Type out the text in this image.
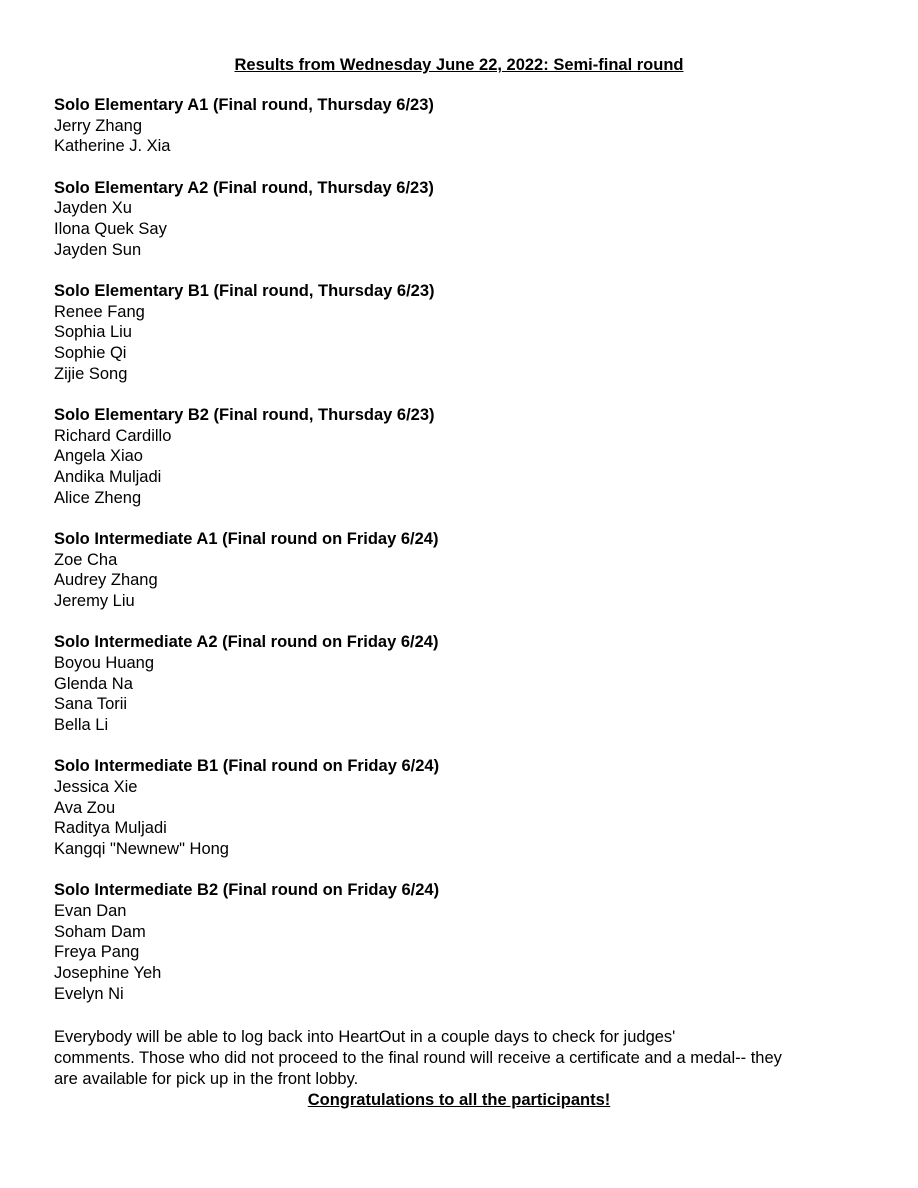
Results from Wednesday June 22, 2022: Semi-final round
Solo Elementary A1 (Final round, Thursday 6/23)
Jerry Zhang
Katherine J. Xia
Solo Elementary A2 (Final round, Thursday 6/23)
Jayden Xu
Ilona Quek Say
Jayden Sun
Solo Elementary B1 (Final round, Thursday 6/23)
Renee Fang
Sophia Liu
Sophie Qi
Zijie Song
Solo Elementary B2 (Final round, Thursday 6/23)
Richard Cardillo
Angela Xiao
Andika Muljadi
Alice Zheng
Solo Intermediate A1 (Final round on Friday 6/24)
Zoe Cha
Audrey Zhang
Jeremy Liu
Solo Intermediate A2 (Final round on Friday 6/24)
Boyou Huang
Glenda Na
Sana Torii
Bella Li
Solo Intermediate B1 (Final round on Friday 6/24)
Jessica Xie
Ava Zou
Raditya Muljadi
Kangqi "Newnew" Hong
Solo Intermediate B2 (Final round on Friday 6/24)
Evan Dan
Soham Dam
Freya Pang
Josephine Yeh
Evelyn Ni

Everybody will be able to log back into HeartOut in a couple days to check for judges'
comments. Those who did not proceed to the final round will receive a certificate and a medal-- they
are available for pick up in the front lobby.

Congratulations to all the participants!
